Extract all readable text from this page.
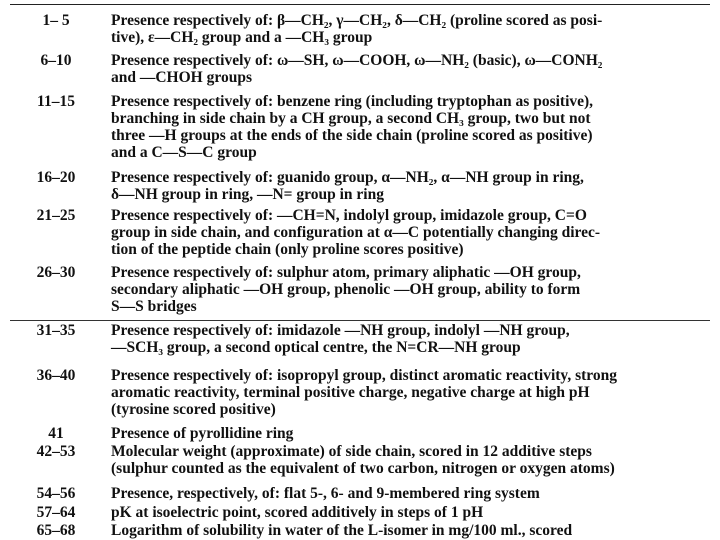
1– 5	Presence respectively of: β—CH₂, γ—CH₂, δ—CH₂ (proline scored as posi-
tive), ε—CH₂ group and a —CH₃ group
6–10	Presence respectively of: ω—SH, ω—COOH, ω—NH₂ (basic), ω—CONH₂
and —CHOH groups
11–15	Presence respectively of: benzene ring (including tryptophan as positive),
branching in side chain by a CH group, a second CH₃ group, two but not
three —H groups at the ends of the side chain (proline scored as positive)
and a C—S—C group
16–20	Presence respectively of: guanido group, α—NH₂, α—NH group in ring,
δ—NH group in ring, —N= group in ring
21–25	Presence respectively of: —CH=N, indolyl group, imidazole group, C=O
group in side chain, and configuration at α—C potentially changing direc-
tion of the peptide chain (only proline scores positive)
26–30	Presence respectively of: sulphur atom, primary aliphatic —OH group,
secondary aliphatic —OH group, phenolic —OH group, ability to form
S—S bridges
31–35	Presence respectively of: imidazole —NH group, indolyl —NH group,
—SCH₃ group, a second optical centre, the N=CR—NH group
36–40	Presence respectively of: isopropyl group, distinct aromatic reactivity, strong
aromatic reactivity, terminal positive charge, negative charge at high pH
(tyrosine scored positive)
41	Presence of pyrollidine ring
42–53	Molecular weight (approximate) of side chain, scored in 12 additive steps
(sulphur counted as the equivalent of two carbon, nitrogen or oxygen atoms)
54–56	Presence, respectively, of: flat 5-, 6- and 9-membered ring system
57–64	pK at isoelectric point, scored additively in steps of 1 pH
65–68	Logarithm of solubility in water of the L-isomer in mg/100 ml., scored
